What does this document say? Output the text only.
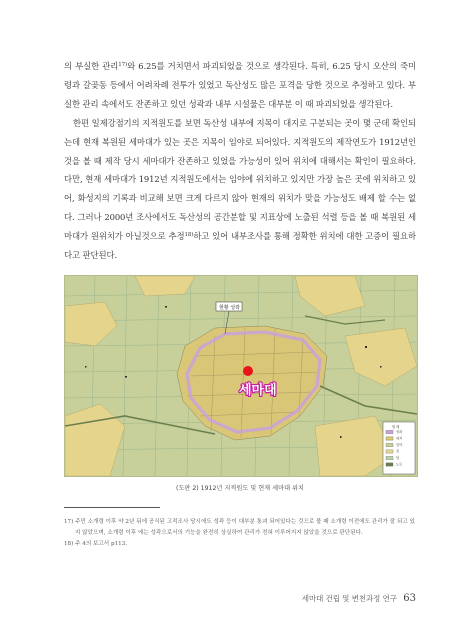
의 부실한 관리$^{17)}$와 6.25를 거치면서 파괴되었을 것으로 생각된다. 특히, 6.25 당시 오산의 죽미령과 갈곶동 등에서 어려차례 전투가 있었고 독산성도 많은 포격을 당한 것으로 추정하고 있다. 부실한 관리 속에서도 잔존하고 있던 성곽과 내부 시설물은 대부분 이 때 파괴되었을 생각된다.

한편 일제강점기의 지적원도를 보면 독산성 내부에 지목이 대지로 구분되는 곳이 몇 군데 확인되는데 현재 복원된 세마대가 있는 곳은 지목이 임야로 되어있다. 지적원도의 제작연도가 1912년인 것을 볼 때 제작 당시 세마대가 잔존하고 있었을 가능성이 있어 위치에 대해서는 확인이 필요하다. 다만, 현재 세마대가 1912년 지적원도에서는 임야에 위치하고 있지만 가장 높은 곳에 위치하고 있어, 화성지의 기록과 비교해 보면 크게 다르지 않아 현재의 위치가 맞을 가능성도 배제 할 수는 없다. 그러나 2000년 조사에서도 독산성의 공간분할 및 지표상에 노출된 석렬 등을 볼 때 복원된 세마대가 원위치가 아닐것으로 추정$^{18)}$하고 있어 내부조사를 통해 정확한 위치에 대한 고증이 필요하다고 판단된다.

세마대
현황 성곽
범 례
성곽
대지
임야
전
답
도로
(도판 2) 1912년 지적원도 및 현재 세마대 위치

17) 주민 소개령 이후 약 2년 뒤에 공식된 고적조사 당시에도 성곽 등이 대부분 통괴 되어있다는 것으로 볼 때 소개령 이전에도 관리가 잘 되고 있지 않았으며, 소개령 이후 에는 성곽으로서의 기능을 완전히 상실하여 관리가 전혀 이루어지지 않았을 것으로 판단된다.

18) 주 4의 보고서 p113.

세마대 건립 및 변천과정 연구 63
